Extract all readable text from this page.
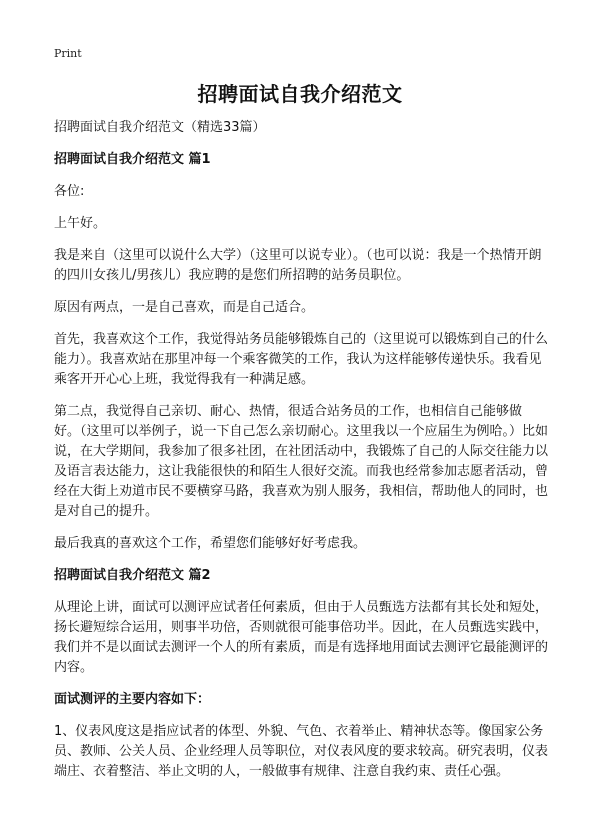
Print
招聘面试自我介绍范文

招聘面试自我介绍范文（精选33篇）

招聘面试自我介绍范文 篇1

各位:

上午好。

我是来自（这里可以说什么大学）（这里可以说专业）。（也可以说：我是一个热情开朗的四川女孩儿/男孩儿）我应聘的是您们所招聘的站务员职位。

原因有两点，一是自己喜欢，而是自己适合。

首先，我喜欢这个工作，我觉得站务员能够锻炼自己的（这里说可以锻炼到自己的什么能力）。我喜欢站在那里冲每一个乘客微笑的工作，我认为这样能够传递快乐。我看见乘客开开心心上班，我觉得我有一种满足感。

第二点，我觉得自己亲切、耐心、热情，很适合站务员的工作，也相信自己能够做好。（这里可以举例子，说一下自己怎么亲切耐心。这里我以一个应届生为例哈。）比如说，在大学期间，我参加了很多社团，在社团活动中，我锻炼了自己的人际交往能力以及语言表达能力，这让我能很快的和陌生人很好交流。而我也经常参加志愿者活动，曾经在大街上劝道市民不要横穿马路，我喜欢为别人服务，我相信，帮助他人的同时，也是对自己的提升。

最后我真的喜欢这个工作，希望您们能够好好考虑我。

招聘面试自我介绍范文 篇2

从理论上讲，面试可以测评应试者任何素质，但由于人员甄选方法都有其长处和短处，扬长避短综合运用，则事半功倍，否则就很可能事倍功半。因此，在人员甄选实践中，我们并不是以面试去测评一个人的所有素质，而是有选择地用面试去测评它最能测评的内容。

面试测评的主要内容如下：

1、仪表风度这是指应试者的体型、外貌、气色、衣着举止、精神状态等。像国家公务员、教师、公关人员、企业经理人员等职位，对仪表风度的要求较高。研究表明，仪表端庄、衣着整洁、举止文明的人，一般做事有规律、注意自我约束、责任心强。
